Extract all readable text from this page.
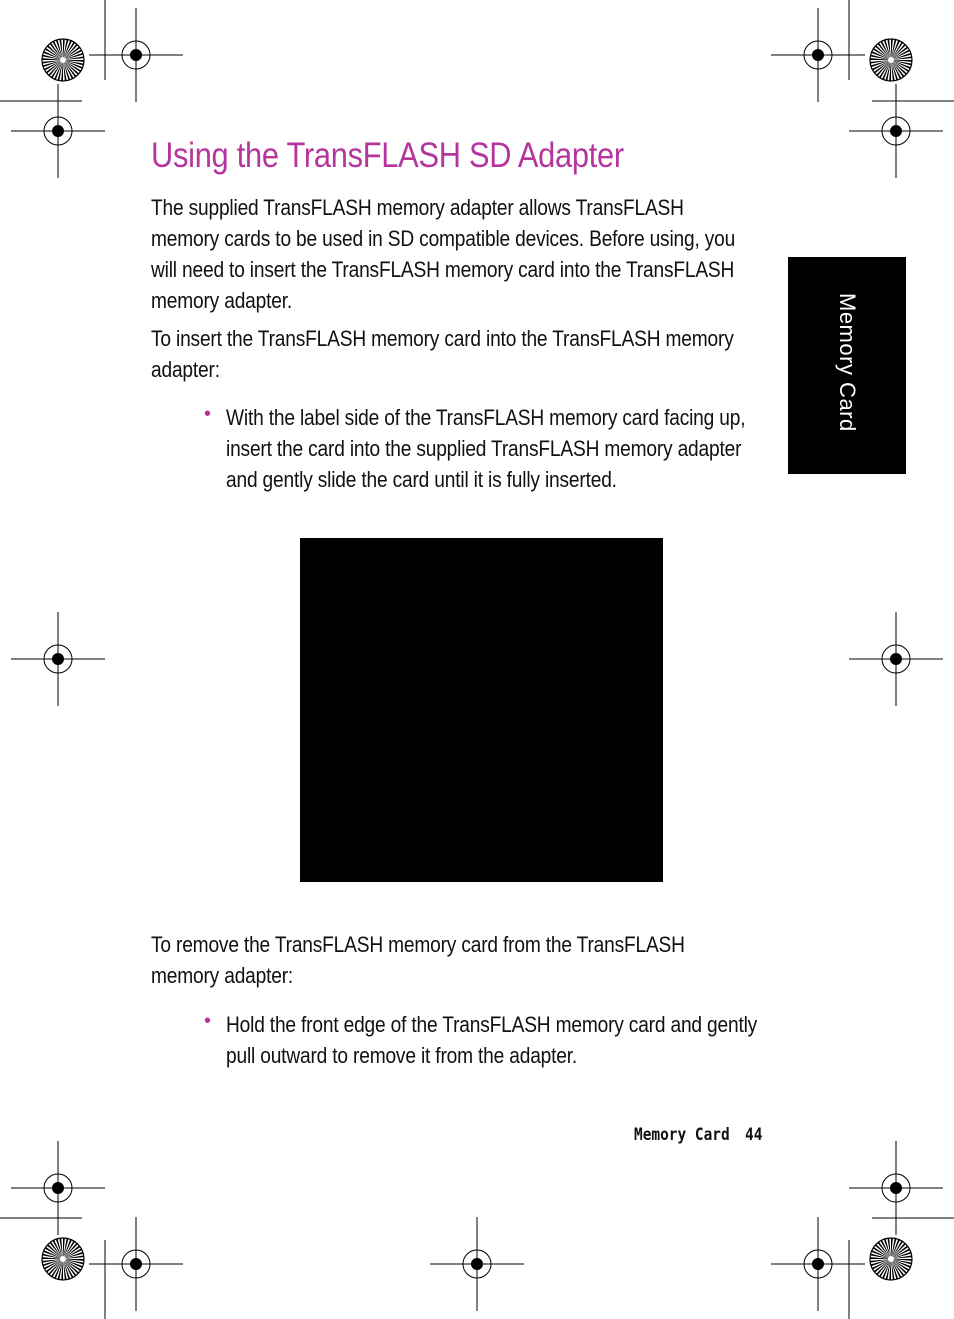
Using the TransFLASH SD Adapter

The supplied TransFLASH memory adapter allows TransFLASH memory cards to be used in SD compatible devices. Before using, you will need to insert the TransFLASH memory card into the TransFLASH memory adapter.

To insert the TransFLASH memory card into the TransFLASH memory adapter:

• With the label side of the TransFLASH memory card facing up, insert the card into the supplied TransFLASH memory adapter and gently slide the card until it is fully inserted.

To remove the TransFLASH memory card from the TransFLASH memory adapter:

• Hold the front edge of the TransFLASH memory card and gently pull outward to remove it from the adapter.
Memory Card
Memory Card 44
